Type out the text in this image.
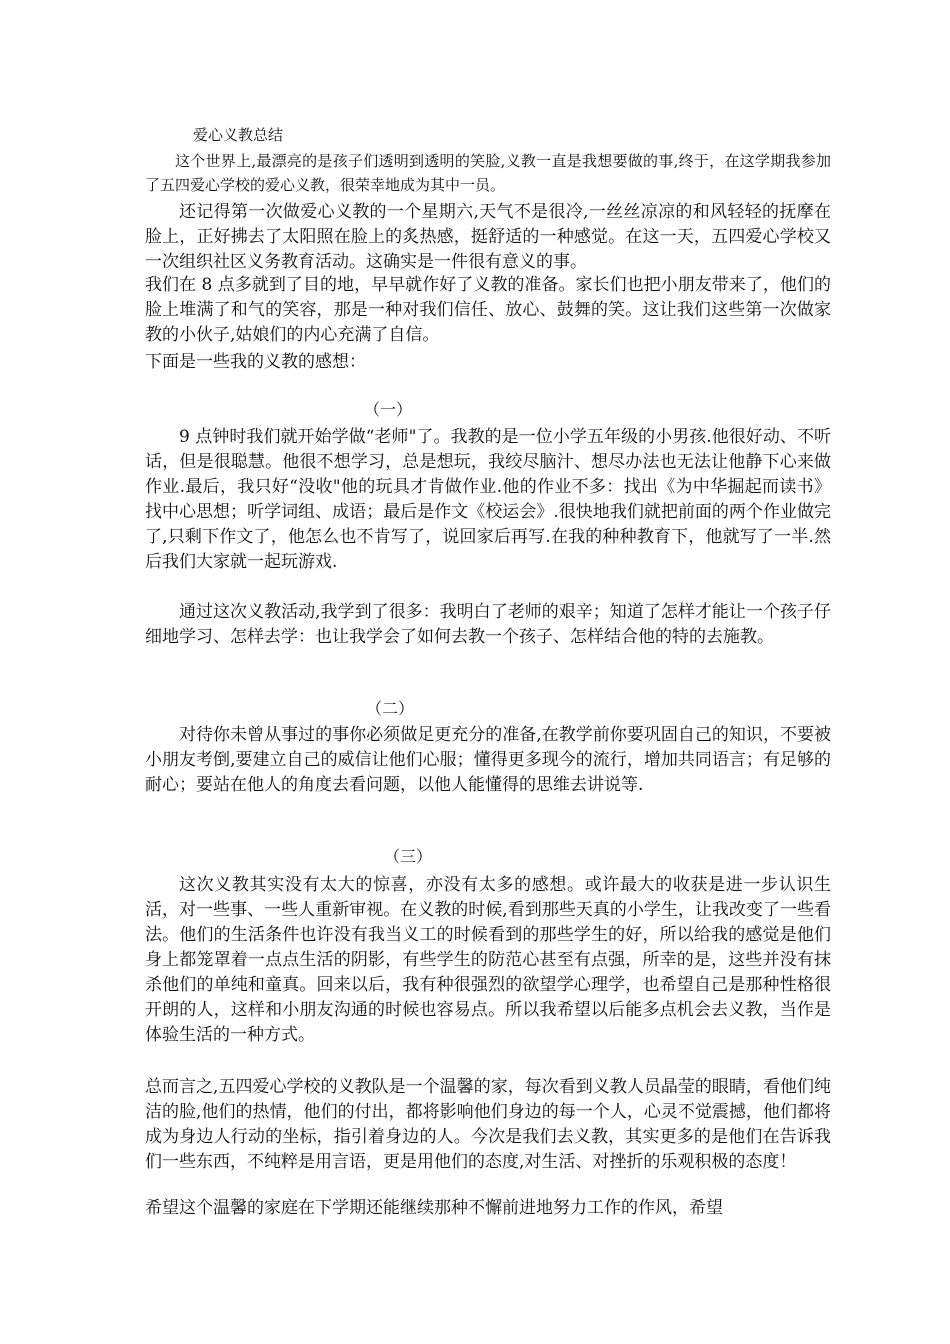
爱心义教总结

这个世界上,最漂亮的是孩子们透明到透明的笑脸,义教一直是我想要做的事,终于，在这学期我参加了五四爱心学校的爱心义教，很荣幸地成为其中一员。

还记得第一次做爱心义教的一个星期六,天气不是很冷,一丝丝凉凉的和风轻轻的抚摩在脸上，正好拂去了太阳照在脸上的炙热感，挺舒适的一种感觉。在这一天，五四爱心学校又一次组织社区义务教育活动。这确实是一件很有意义的事。

我们在 8 点多就到了目的地，早早就作好了义教的准备。家长们也把小朋友带来了，他们的脸上堆满了和气的笑容，那是一种对我们信任、放心、鼓舞的笑。这让我们这些第一次做家教的小伙子,姑娘们的内心充满了自信。

下面是一些我的义教的感想：

（一）

9 点钟时我们就开始学做“老师"了。我教的是一位小学五年级的小男孩.他很好动、不听话，但是很聪慧。他很不想学习，总是想玩，我绞尽脑汁、想尽办法也无法让他静下心来做作业.最后，我只好“没收"他的玩具才肯做作业.他的作业不多：找出《为中华掘起而读书》找中心思想；听学词组、成语；最后是作文《校运会》.很快地我们就把前面的两个作业做完了,只剩下作文了，他怎么也不肯写了，说回家后再写.在我的种种教育下，他就写了一半.然后我们大家就一起玩游戏.

通过这次义教活动,我学到了很多：我明白了老师的艰辛；知道了怎样才能让一个孩子仔细地学习、怎样去学：也让我学会了如何去教一个孩子、怎样结合他的特的去施教。

（二）

对待你未曾从事过的事你必须做足更充分的准备,在教学前你要巩固自己的知识，不要被小朋友考倒,要建立自己的威信让他们心服；懂得更多现今的流行，增加共同语言；有足够的耐心；要站在他人的角度去看问题，以他人能懂得的思维去讲说等.

（三）

这次义教其实没有太大的惊喜，亦没有太多的感想。或许最大的收获是进一步认识生活，对一些事、一些人重新审视。在义教的时候,看到那些天真的小学生，让我改变了一些看法。他们的生活条件也许没有我当义工的时候看到的那些学生的好，所以给我的感觉是他们身上都笼罩着一点点生活的阴影，有些学生的防范心甚至有点强，所幸的是，这些并没有抹杀他们的单纯和童真。回来以后，我有种很强烈的欲望学心理学，也希望自己是那种性格很开朗的人，这样和小朋友沟通的时候也容易点。所以我希望以后能多点机会去义教，当作是体验生活的一种方式。

总而言之,五四爱心学校的义教队是一个温馨的家，每次看到义教人员晶莹的眼睛，看他们纯洁的脸,他们的热情，他们的付出，都将影响他们身边的每一个人，心灵不觉震撼，他们都将成为身边人行动的坐标，指引着身边的人。今次是我们去义教，其实更多的是他们在告诉我们一些东西，不纯粹是用言语，更是用他们的态度,对生活、对挫折的乐观积极的态度！

希望这个温馨的家庭在下学期还能继续那种不懈前进地努力工作的作风，希望
